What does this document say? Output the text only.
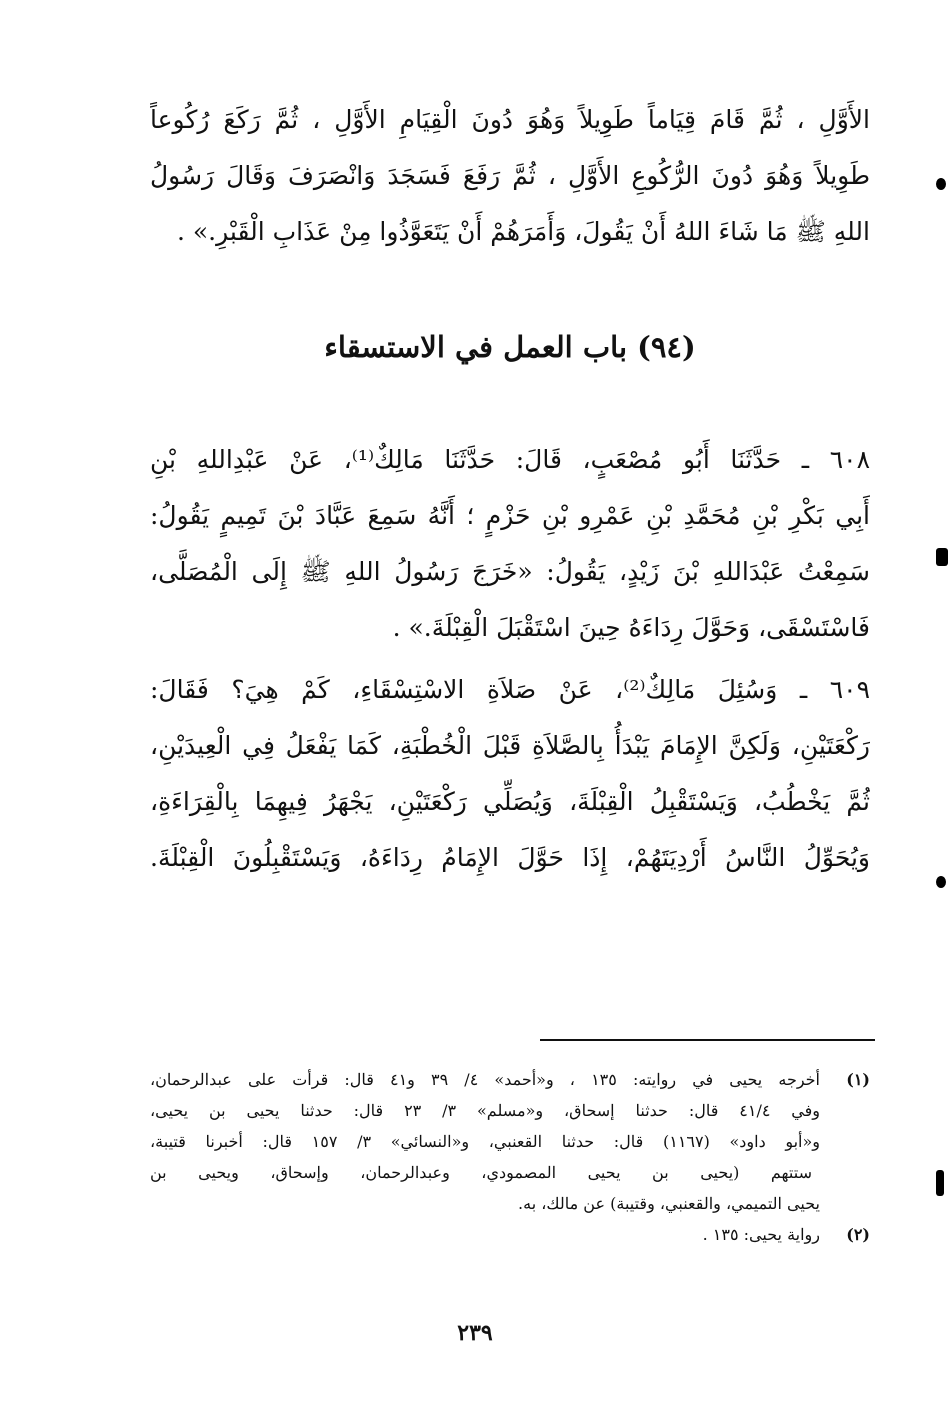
الأَوَّلِ ، ثُمَّ قَامَ قِيَاماً طَوِيلاً وَهُوَ دُونَ الْقِيَامِ الأَوَّلِ ، ثُمَّ رَكَعَ رُكُوعاً
طَوِيلاً وَهُوَ دُونَ الرُّكُوعِ الأَوَّلِ ، ثُمَّ رَفَعَ فَسَجَدَ وَانْصَرَفَ وَقَالَ رَسُولُ
اللهِ ﷺ مَا شَاءَ اللهُ أَنْ يَقُولَ، وَأَمَرَهُمْ أَنْ يَتَعَوَّذُوا مِنْ عَذَابِ الْقَبْرِ.» .
(٩٤) باب العمل في الاستسقاء
٦٠٨ ـ حَدَّثَنَا أَبُو مُصْعَبٍ، قَالَ: حَدَّثَنَا مَالِكٌ⁽¹⁾، عَنْ عَبْدِاللهِ بْنِ
أَبِي بَكْرِ بْنِ مُحَمَّدِ بْنِ عَمْرِو بْنِ حَزْمٍ ؛ أَنَّهُ سَمِعَ عَبَّادَ بْنَ تَمِيمٍ يَقُولُ:
سَمِعْتُ عَبْدَاللهِ بْنَ زَيْدٍ، يَقُولُ: «خَرَجَ رَسُولُ اللهِ ﷺ إِلَى الْمُصَلَّى،
فَاسْتَسْقَى، وَحَوَّلَ رِدَاءَهُ حِينَ اسْتَقْبَلَ الْقِبْلَةَ.» .
٦٠٩ ـ وَسُئِلَ مَالِكٌ⁽²⁾، عَنْ صَلاَةِ الاسْتِسْقَاءِ، كَمْ هِيَ؟ فَقَالَ:
رَكْعَتَيْنِ، وَلَكِنَّ الإِمَامَ يَبْدَأُ بِالصَّلاَةِ قَبْلَ الْخُطْبَةِ، كَمَا يَفْعَلُ فِي الْعِيدَيْنِ،
ثُمَّ يَخْطُبُ، وَيَسْتَقْبِلُ الْقِبْلَةَ، وَيُصَلِّي رَكْعَتَيْنِ، يَجْهَرُ فِيهِمَا بِالْقِرَاءَةِ،
وَيُحَوِّلُ النَّاسُ أَرْدِيَتَهُمْ، إِذَا حَوَّلَ الإِمَامُ رِدَاءَهُ، وَيَسْتَقْبِلُونَ الْقِبْلَةَ.
(١)
أخرجه يحيى في روايته: ١٣٥ ، و«أحمد» ٤/ ٣٩ و٤١ قال: قرأت على عبدالرحمان،
وفي ٤١/٤ قال: حدثنا إسحاق، و«مسلم» ٣/ ٢٣ قال: حدثنا يحيى بن يحيى،
و«أبو داود» (١١٦٧) قال: حدثنا القعنبي، و«النسائي» ٣/ ١٥٧ قال: أخبرنا قتيبة،
ستتهم (يحيى بن يحيى المصمودي، وعبدالرحمان، وإسحاق، ويحيى بن
يحيى التميمي، والقعنبي، وقتيبة) عن مالك، به.
(٢)
رواية يحيى: ١٣٥ .
٢٣٩
